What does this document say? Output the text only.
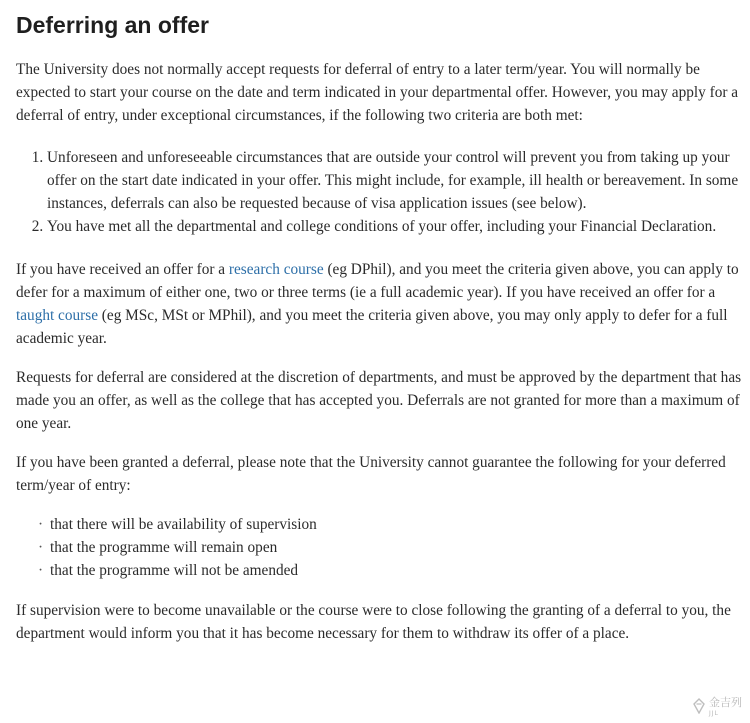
Deferring an offer

The University does not normally accept requests for deferral of entry to a later term/year. You will normally be expected to start your course on the date and term indicated in your departmental offer. However, you may apply for a deferral of entry, under exceptional circumstances, if the following two criteria are both met:

1. Unforeseen and unforeseeable circumstances that are outside your control will prevent you from taking up your offer on the start date indicated in your offer. This might include, for example, ill health or bereavement. In some instances, deferrals can also be requested because of visa application issues (see below).
2. You have met all the departmental and college conditions of your offer, including your Financial Declaration.

If you have received an offer for a research course (eg DPhil), and you meet the criteria given above, you can apply to defer for a maximum of either one, two or three terms (ie a full academic year). If you have received an offer for a taught course (eg MSc, MSt or MPhil), and you meet the criteria given above, you may only apply to defer for a full academic year.

Requests for deferral are considered at the discretion of departments, and must be approved by the department that has made you an offer, as well as the college that has accepted you. Deferrals are not granted for more than a maximum of one year.

If you have been granted a deferral, please note that the University cannot guarantee the following for your deferred term/year of entry:

· that there will be availability of supervision
· that the programme will remain open
· that the programme will not be amended

If supervision were to become unavailable or the course were to close following the granting of a deferral to you, the department would inform you that it has become necessary for them to withdraw its offer of a place.

金吉列
JJL
